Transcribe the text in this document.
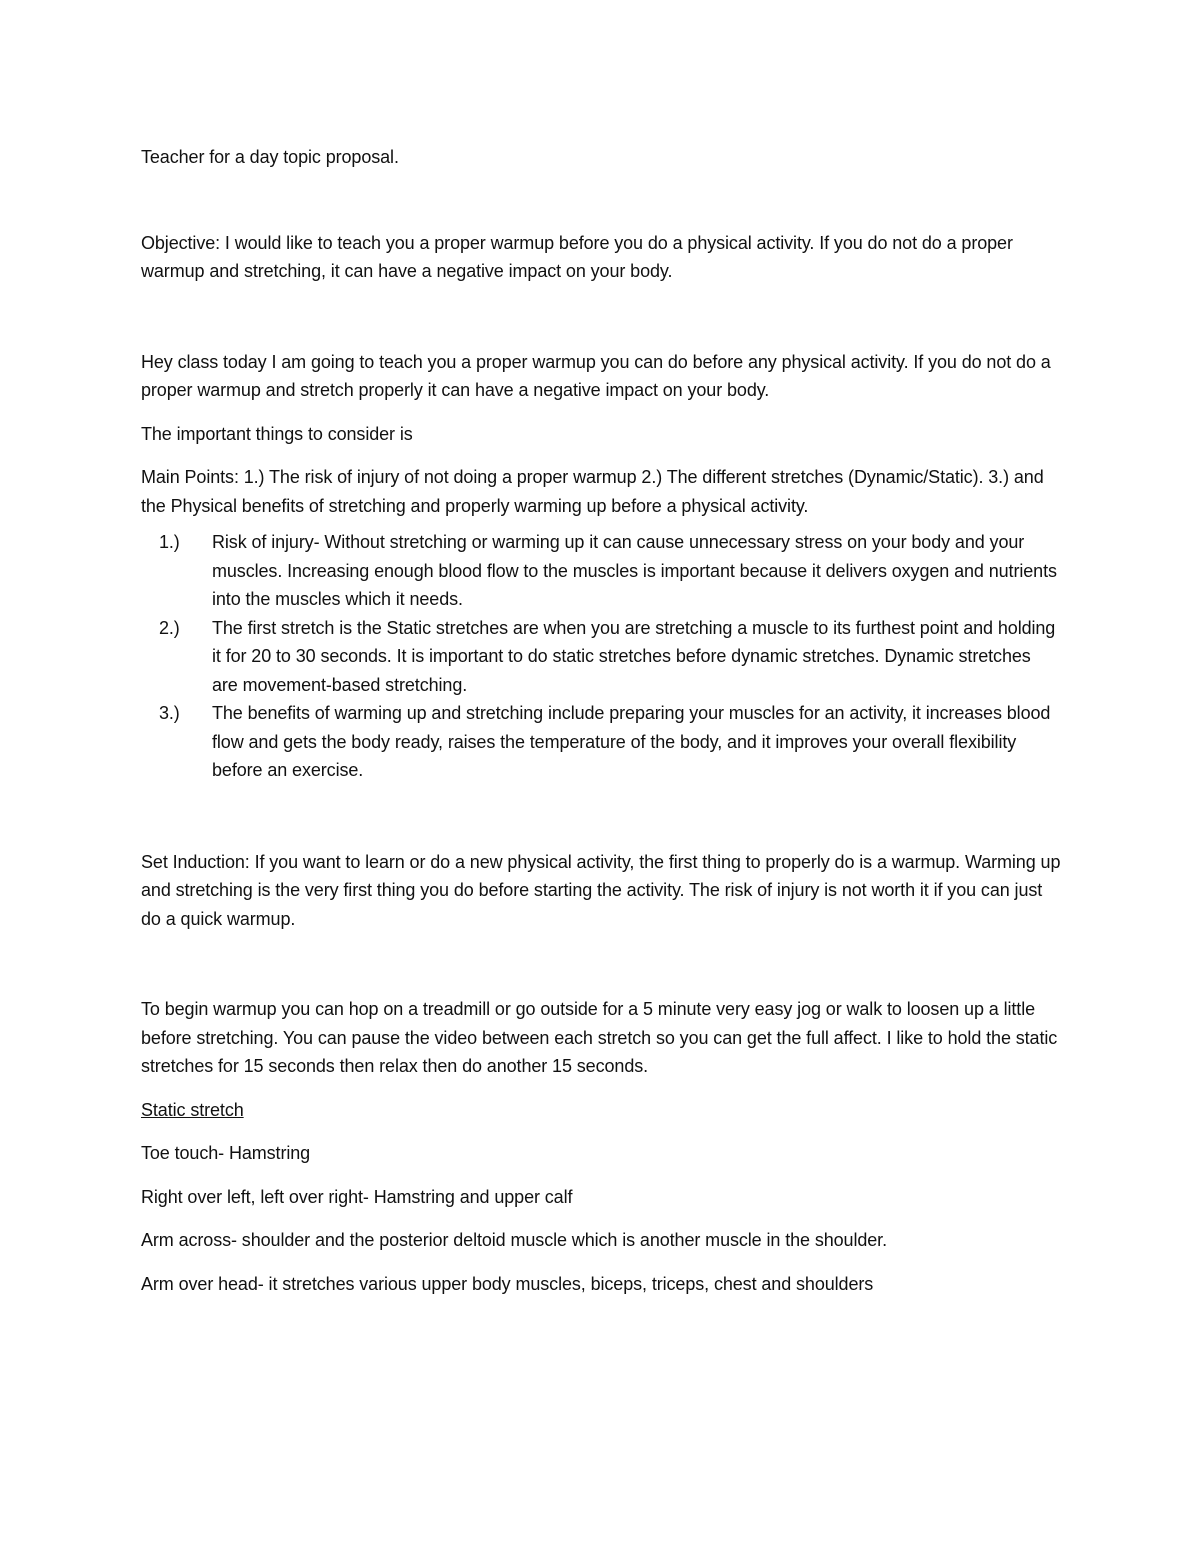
Teacher for a day topic proposal.

Objective: I would like to teach you a proper warmup before you do a physical activity. If you do not do a proper warmup and stretching, it can have a negative impact on your body.

Hey class today I am going to teach you a proper warmup you can do before any physical activity. If you do not do a proper warmup and stretch properly it can have a negative impact on your body.

The important things to consider is

Main Points: 1.) The risk of injury of not doing a proper warmup 2.) The different stretches (Dynamic/Static). 3.) and the Physical benefits of stretching and properly warming up before a physical activity.

1.) Risk of injury- Without stretching or warming up it can cause unnecessary stress on your body and your muscles. Increasing enough blood flow to the muscles is important because it delivers oxygen and nutrients into the muscles which it needs.
2.) The first stretch is the Static stretches are when you are stretching a muscle to its furthest point and holding it for 20 to 30 seconds. It is important to do static stretches before dynamic stretches. Dynamic stretches are movement-based stretching.
3.) The benefits of warming up and stretching include preparing your muscles for an activity, it increases blood flow and gets the body ready, raises the temperature of the body, and it improves your overall flexibility before an exercise.

Set Induction: If you want to learn or do a new physical activity, the first thing to properly do is a warmup. Warming up and stretching is the very first thing you do before starting the activity. The risk of injury is not worth it if you can just do a quick warmup.

To begin warmup you can hop on a treadmill or go outside for a 5 minute very easy jog or walk to loosen up a little before stretching. You can pause the video between each stretch so you can get the full affect. I like to hold the static stretches for 15 seconds then relax then do another 15 seconds.

Static stretch

Toe touch- Hamstring

Right over left, left over right- Hamstring and upper calf

Arm across- shoulder and the posterior deltoid muscle which is another muscle in the shoulder.

Arm over head- it stretches various upper body muscles, biceps, triceps, chest and shoulders
